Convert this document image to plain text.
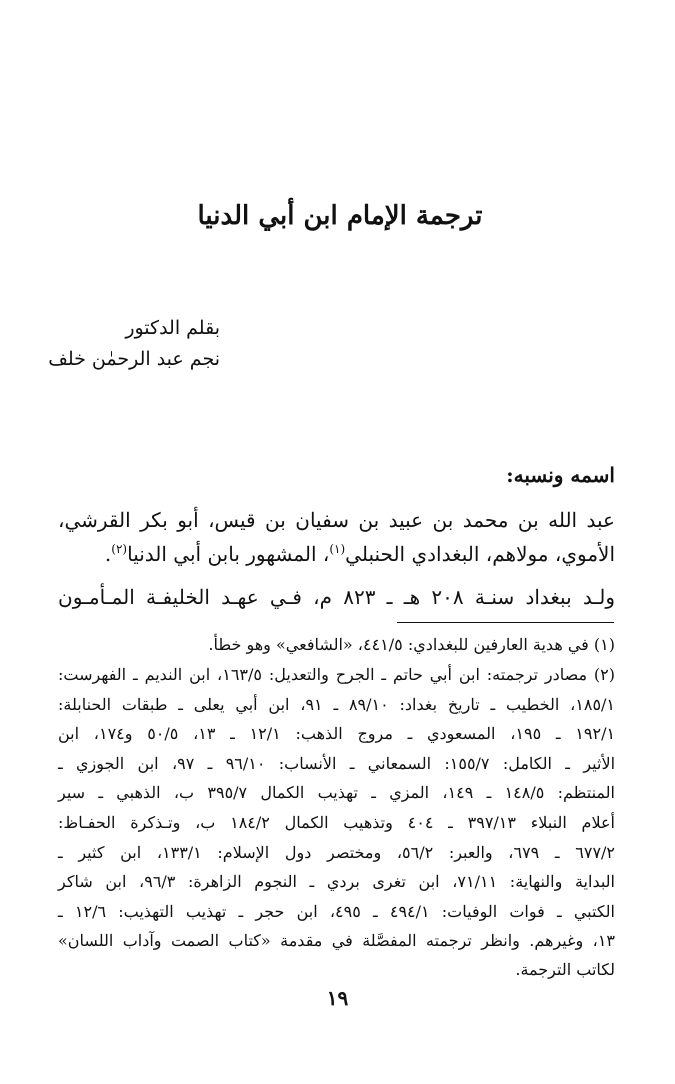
ترجمة الإمام ابن أبي الدنيا
بقلم الدكتور
نجم عبد الرحمٰن خلف
اسمه ونسبه:
عبد الله بن محمد بن عبيد بن سفيان بن قيس، أبو بكر القرشي،
الأموي، مولاهم، البغدادي الحنبلي$^{(١)}$، المشهور بابن أبي الدنيا$^{(٢)}$.
ولـد ببغداد سنـة ٢٠٨ هـ ـ ٨٢٣ م، فـي عهـد الخليفـة المـأمـون
(١) في هدية العارفين للبغدادي: ٤٤١/٥، «الشافعي» وهو خطأ.
(٢) مصادر ترجمته: ابن أبي حاتم ـ الجرح والتعديل: ١٦٣/٥، ابن النديم ـ الفهرست:
١٨٥/١، الخطيب ـ تاريخ بغداد: ٨٩/١٠ ـ ٩١، ابن أبي يعلى ـ طبقات الحنابلة:
١٩٢/١ ـ ١٩٥، المسعودي ـ مروج الذهب: ١٢/١ ـ ١٣، ٥٠/٥ و١٧٤، ابن
الأثير ـ الكامل: ١٥٥/٧: السمعاني ـ الأنساب: ٩٦/١٠ ـ ٩٧، ابن الجوزي ـ
المنتظم: ١٤٨/٥ ـ ١٤٩، المزي ـ تهذيب الكمال ٣٩٥/٧ ب، الذهبي ـ سير
أعلام النبلاء ٣٩٧/١٣ ـ ٤٠٤ وتذهيب الكمال ١٨٤/٢ ب، وتـذكرة الحفـاظ:
٦٧٧/٢ ـ ٦٧٩، والعبر: ٥٦/٢، ومختصر دول الإسلام: ١٣٣/١، ابن كثير ـ
البداية والنهاية: ٧١/١١، ابن تغرى بردي ـ النجوم الزاهرة: ٩٦/٣، ابن شاكر
الكتبي ـ فوات الوفيات: ٤٩٤/١ ـ ٤٩٥، ابن حجر ـ تهذيب التهذيب: ١٢/٦ ـ
١٣، وغيرهم. وانظر ترجمته المفصَّلة في مقدمة «كتاب الصمت وآداب اللسان»
لكاتب الترجمة.
١٩
